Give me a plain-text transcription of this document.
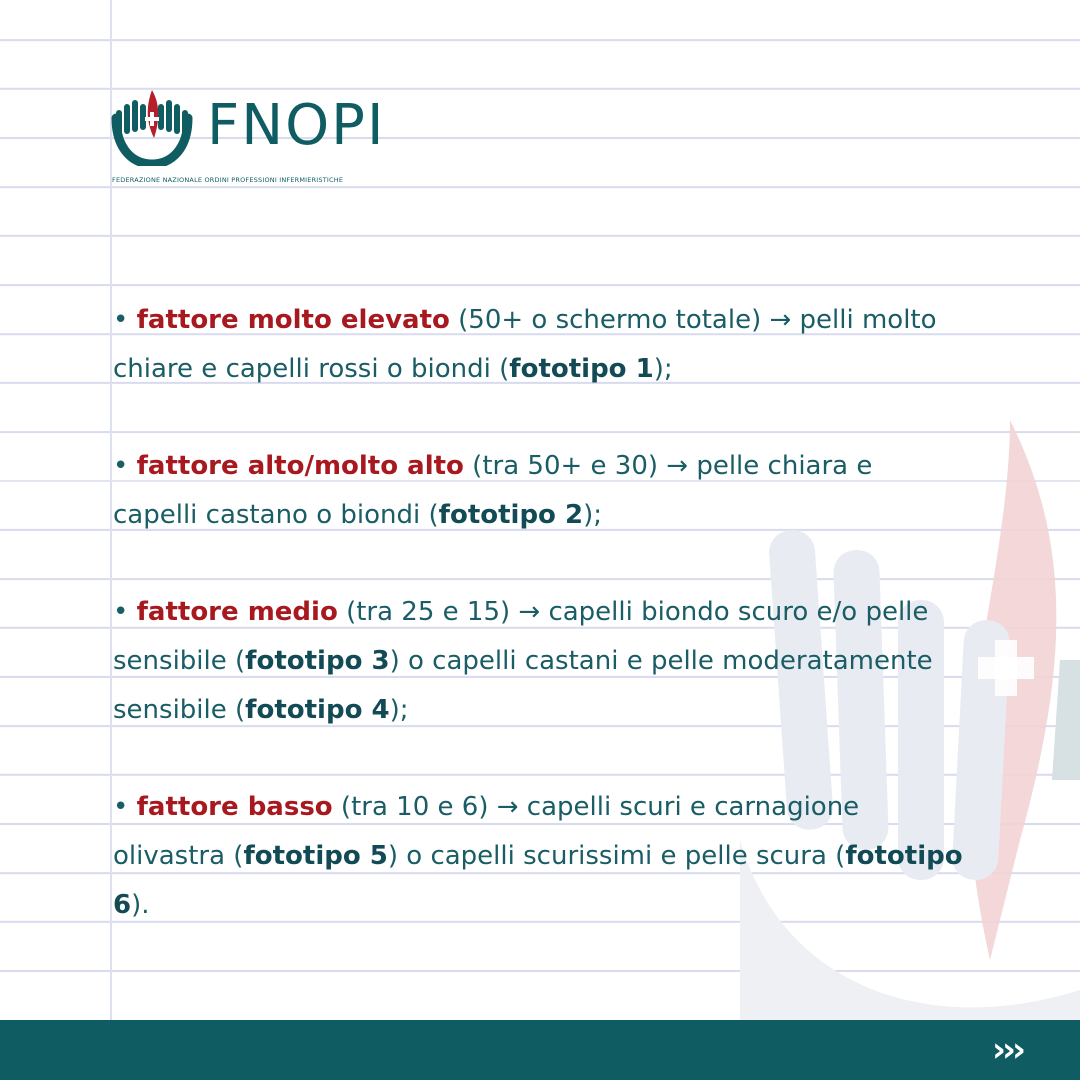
FNOPI
FEDERAZIONE NAZIONALE ORDINI PROFESSIONI INFERMIERISTICHE
• fattore molto elevato (50+ o schermo totale) → pelli molto chiare e capelli rossi o biondi (fototipo 1);
• fattore alto/molto alto (tra 50+ e 30) → pelle chiara e capelli castano o biondi (fototipo 2);
• fattore medio (tra 25 e 15) → capelli biondo scuro e/o pelle sensibile (fototipo 3) o capelli castani e pelle moderatamente sensibile (fototipo 4);
• fattore basso (tra 10 e 6) → capelli scuri e carnagione olivastra (fototipo 5) o capelli scurissimi e pelle scura (fototipo 6).
›››
